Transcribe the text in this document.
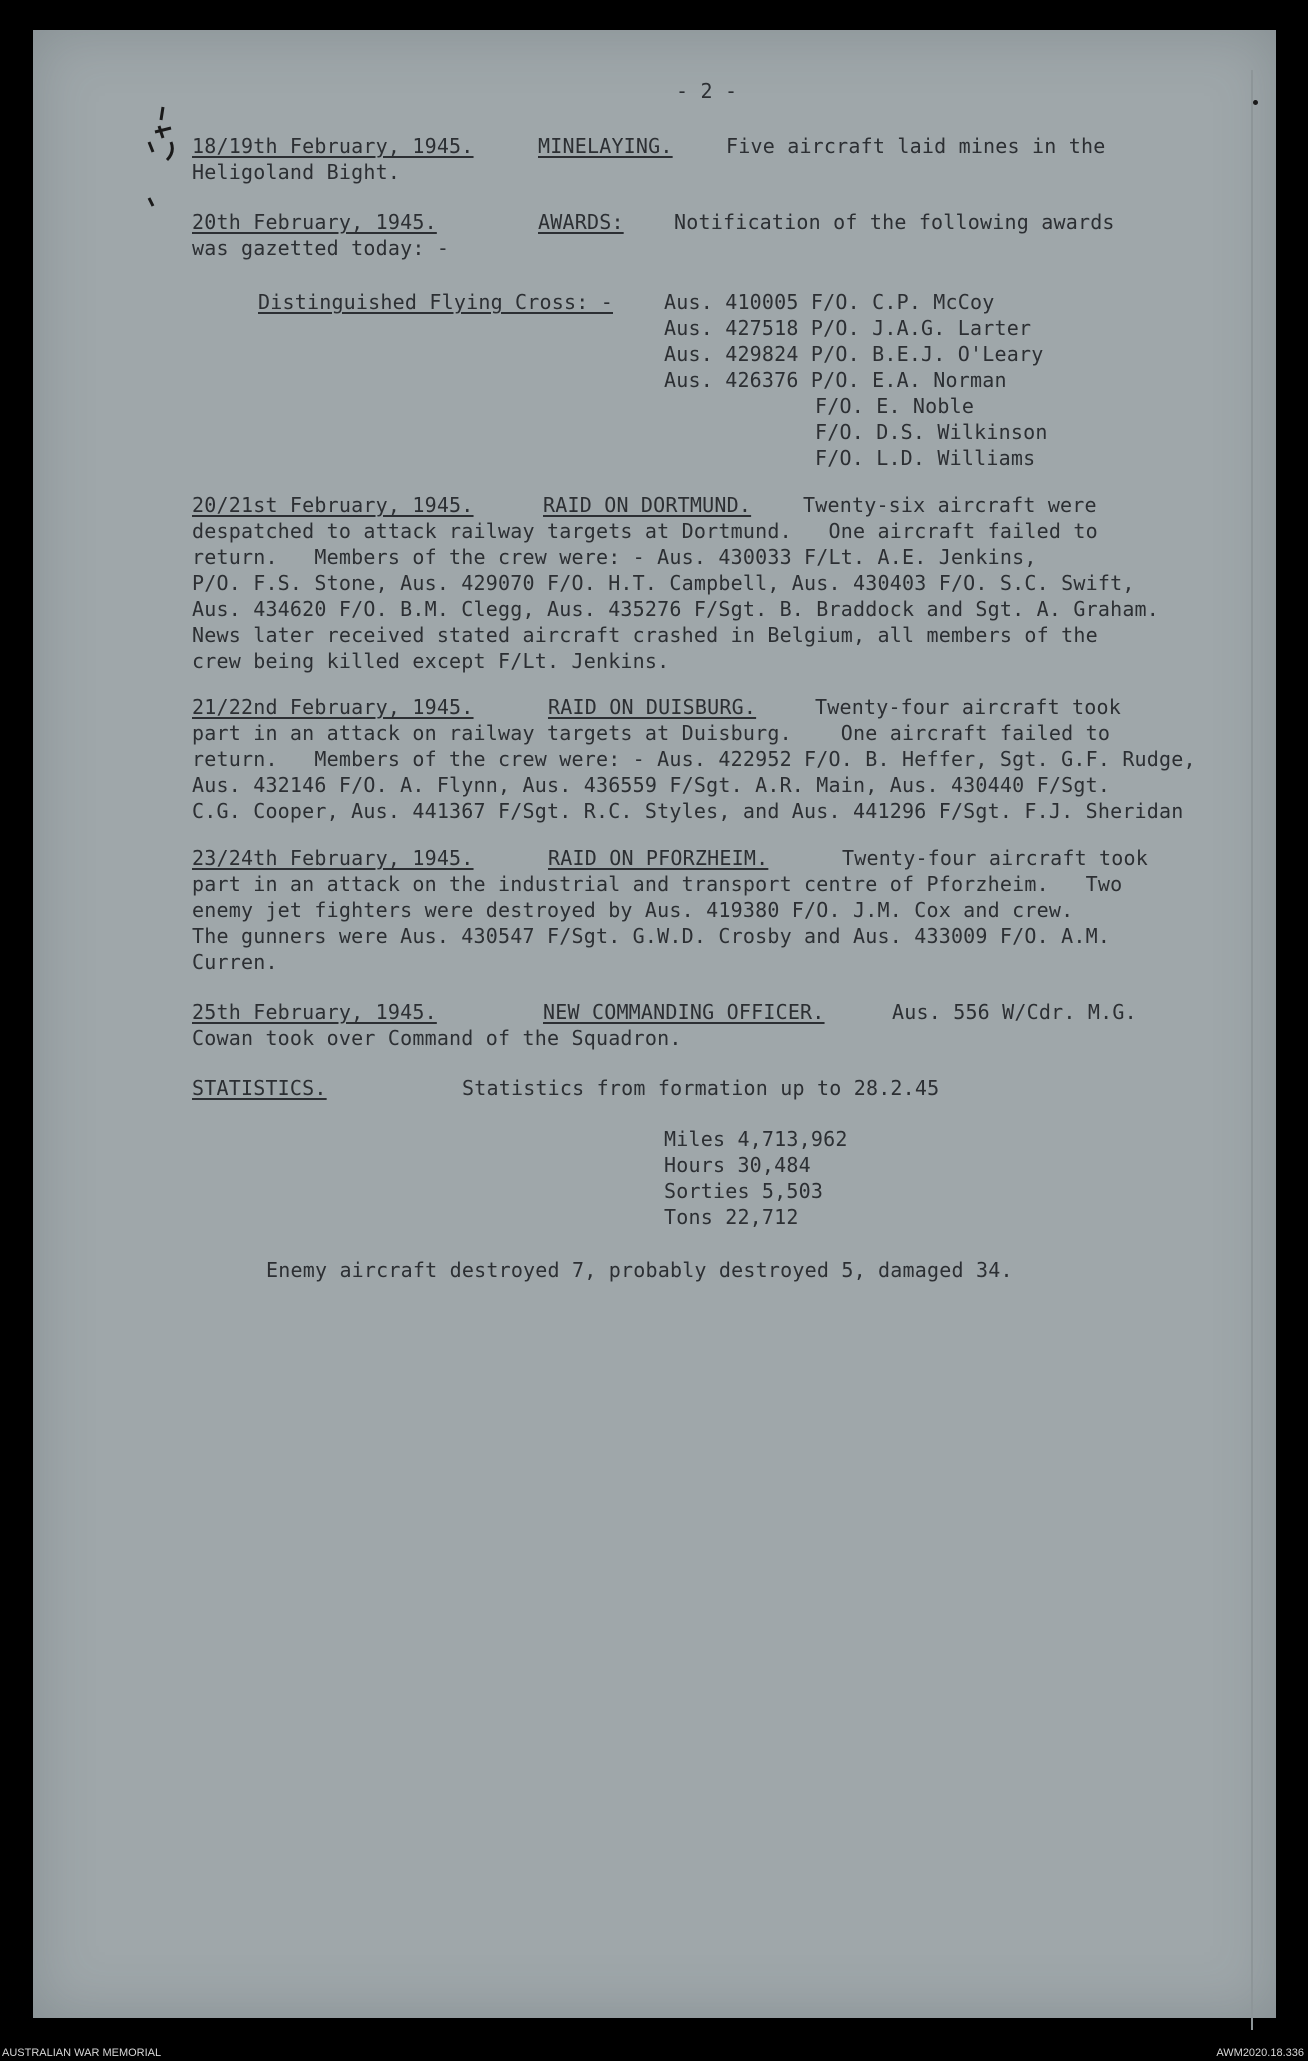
- 2 -
18/19th February, 1945.	MINELAYING.	Five aircraft laid mines in the
Heligoland Bight.
20th February, 1945.	AWARDS:	Notification of the following awards
was gazetted today: -
Distinguished Flying Cross: -	Aus. 410005 F/O. C.P. McCoy
Aus. 427518 P/O. J.A.G. Larter
Aus. 429824 P/O. B.E.J. O'Leary
Aus. 426376 P/O. E.A. Norman
F/O. E. Noble
F/O. D.S. Wilkinson
F/O. L.D. Williams
20/21st February, 1945.	RAID ON DORTMUND.	Twenty-six aircraft were
despatched to attack railway targets at Dortmund.   One aircraft failed to
return.   Members of the crew were: - Aus. 430033 F/Lt. A.E. Jenkins,
P/O. F.S. Stone, Aus. 429070 F/O. H.T. Campbell, Aus. 430403 F/O. S.C. Swift,
Aus. 434620 F/O. B.M. Clegg, Aus. 435276 F/Sgt. B. Braddock and Sgt. A. Graham.
News later received stated aircraft crashed in Belgium, all members of the
crew being killed except F/Lt. Jenkins.
21/22nd February, 1945.	RAID ON DUISBURG.	Twenty-four aircraft took
part in an attack on railway targets at Duisburg.    One aircraft failed to
return.   Members of the crew were: - Aus. 422952 F/O. B. Heffer, Sgt. G.F. Rudge,
Aus. 432146 F/O. A. Flynn, Aus. 436559 F/Sgt. A.R. Main, Aus. 430440 F/Sgt.
C.G. Cooper, Aus. 441367 F/Sgt. R.C. Styles, and Aus. 441296 F/Sgt. F.J. Sheridan
23/24th February, 1945.	RAID ON PFORZHEIM.	Twenty-four aircraft took
part in an attack on the industrial and transport centre of Pforzheim.   Two
enemy jet fighters were destroyed by Aus. 419380 F/O. J.M. Cox and crew.
The gunners were Aus. 430547 F/Sgt. G.W.D. Crosby and Aus. 433009 F/O. A.M.
Curren.
25th February, 1945.	NEW COMMANDING OFFICER.	Aus. 556 W/Cdr. M.G.
Cowan took over Command of the Squadron.
STATISTICS.	Statistics from formation up to 28.2.45
Miles 4,713,962
Hours 30,484
Sorties 5,503
Tons 22,712
Enemy aircraft destroyed 7, probably destroyed 5, damaged 34.
AUSTRALIAN WAR MEMORIAL	AWM2020.18.336
